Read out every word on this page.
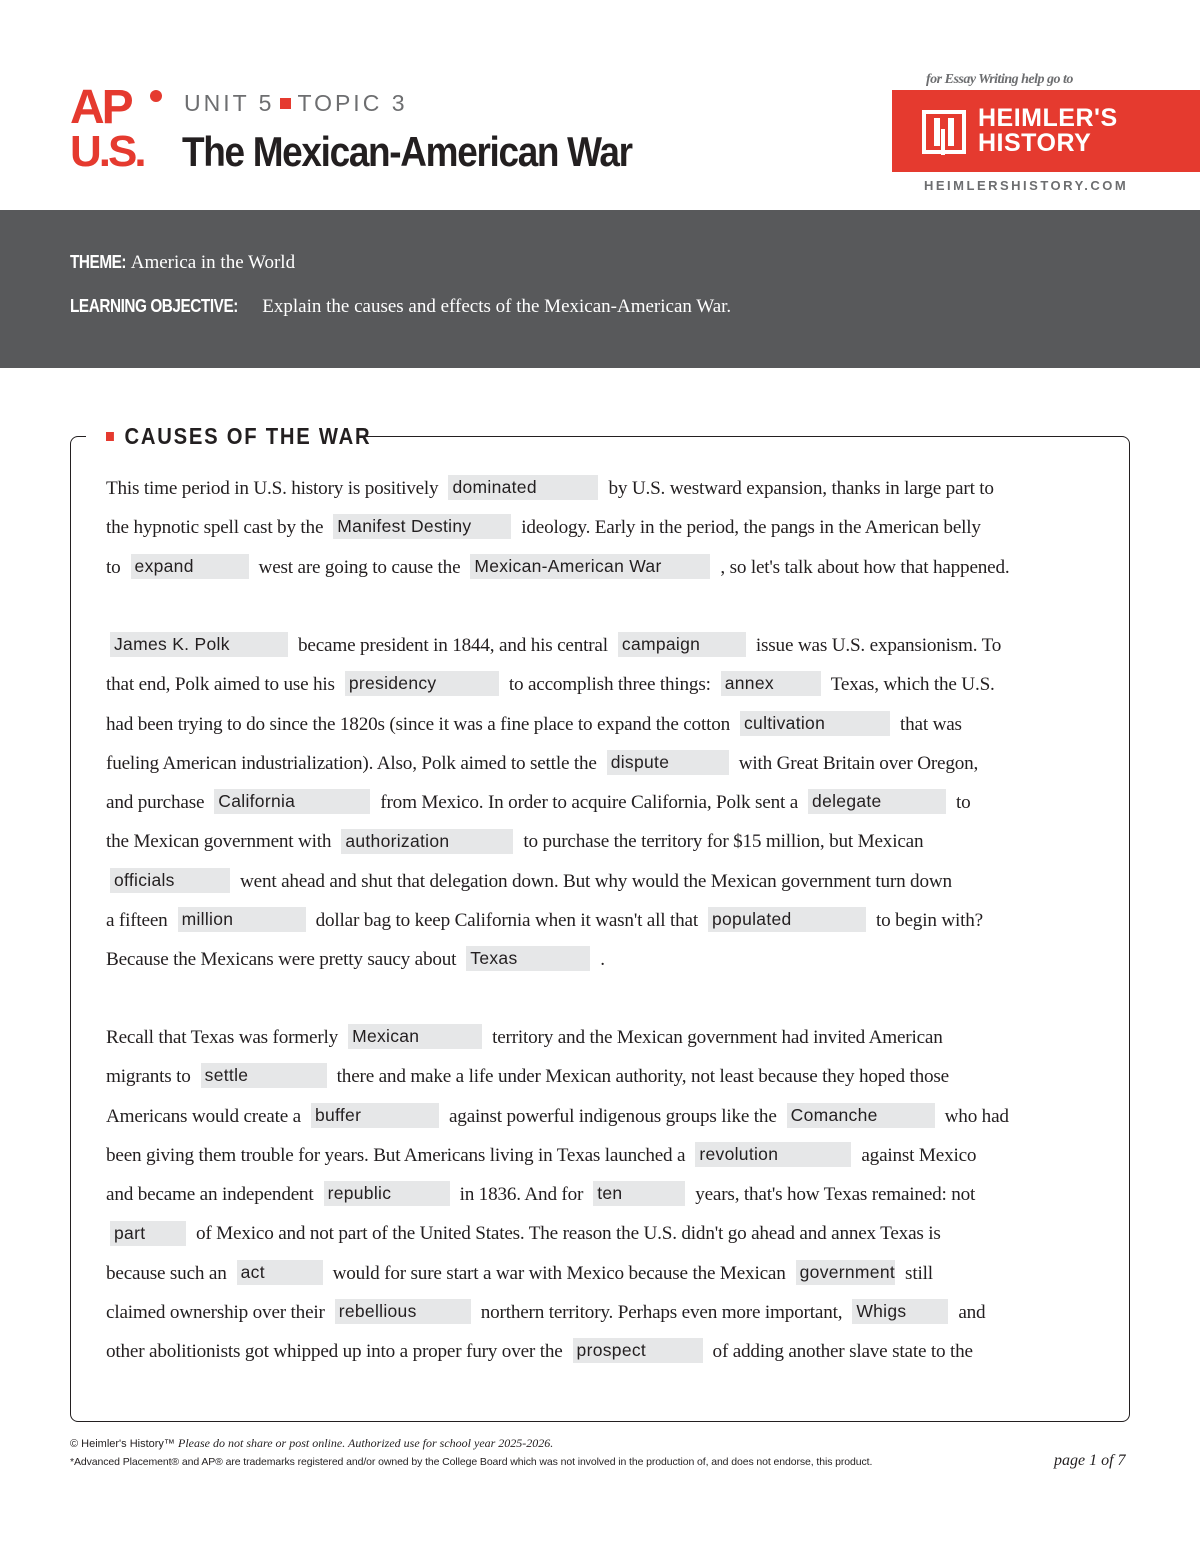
AP
U.S.
UNIT 5 TOPIC 3
The Mexican-American War
for Essay Writing help go to
HEIMLER'S
HISTORY
HEIMLERSHISTORY.COM
THEME: America in the World
LEARNING OBJECTIVE: Explain the causes and effects of the Mexican-American War.
CAUSES OF THE WAR
This time period in U.S. history is positively dominated	by U.S. westward expansion, thanks in large part to
the hypnotic spell cast by the Manifest Destiny	ideology. Early in the period, the pangs in the American belly
to expand	west are going to cause the Mexican-American War	, so let's talk about how that happened.
James K. Polk	became president in 1844, and his central campaign	issue was U.S. expansionism. To
that end, Polk aimed to use his presidency	to accomplish three things: annex	Texas, which the U.S.
had been trying to do since the 1820s (since it was a fine place to expand the cotton cultivation	that was
fueling American industrialization). Also, Polk aimed to settle the dispute	with Great Britain over Oregon,
and purchase California	from Mexico. In order to acquire California, Polk sent a delegate	to
the Mexican government with authorization	to purchase the territory for $15 million, but Mexican
officials	went ahead and shut that delegation down. But why would the Mexican government turn down
a fifteen million	dollar bag to keep California when it wasn't all that populated	to begin with?
Because the Mexicans were pretty saucy about Texas	.
Recall that Texas was formerly Mexican	territory and the Mexican government had invited American
migrants to settle	there and make a life under Mexican authority, not least because they hoped those
Americans would create a buffer	against powerful indigenous groups like the Comanche	who had
been giving them trouble for years. But Americans living in Texas launched a revolution	against Mexico
and became an independent republic	in 1836. And for ten	years, that's how Texas remained: not
part	of Mexico and not part of the United States. The reason the U.S. didn't go ahead and annex Texas is
because such an act	would for sure start a war with Mexico because the Mexican government still
claimed ownership over their rebellious	northern territory. Perhaps even more important, Whigs	and
other abolitionists got whipped up into a proper fury over the prospect	of adding another slave state to the
© Heimler's History™ Please do not share or post online. Authorized use for school year 2025-2026.
*Advanced Placement® and AP® are trademarks registered and/or owned by the College Board which was not involved in the production of, and does not endorse, this product.	page 1 of 7
